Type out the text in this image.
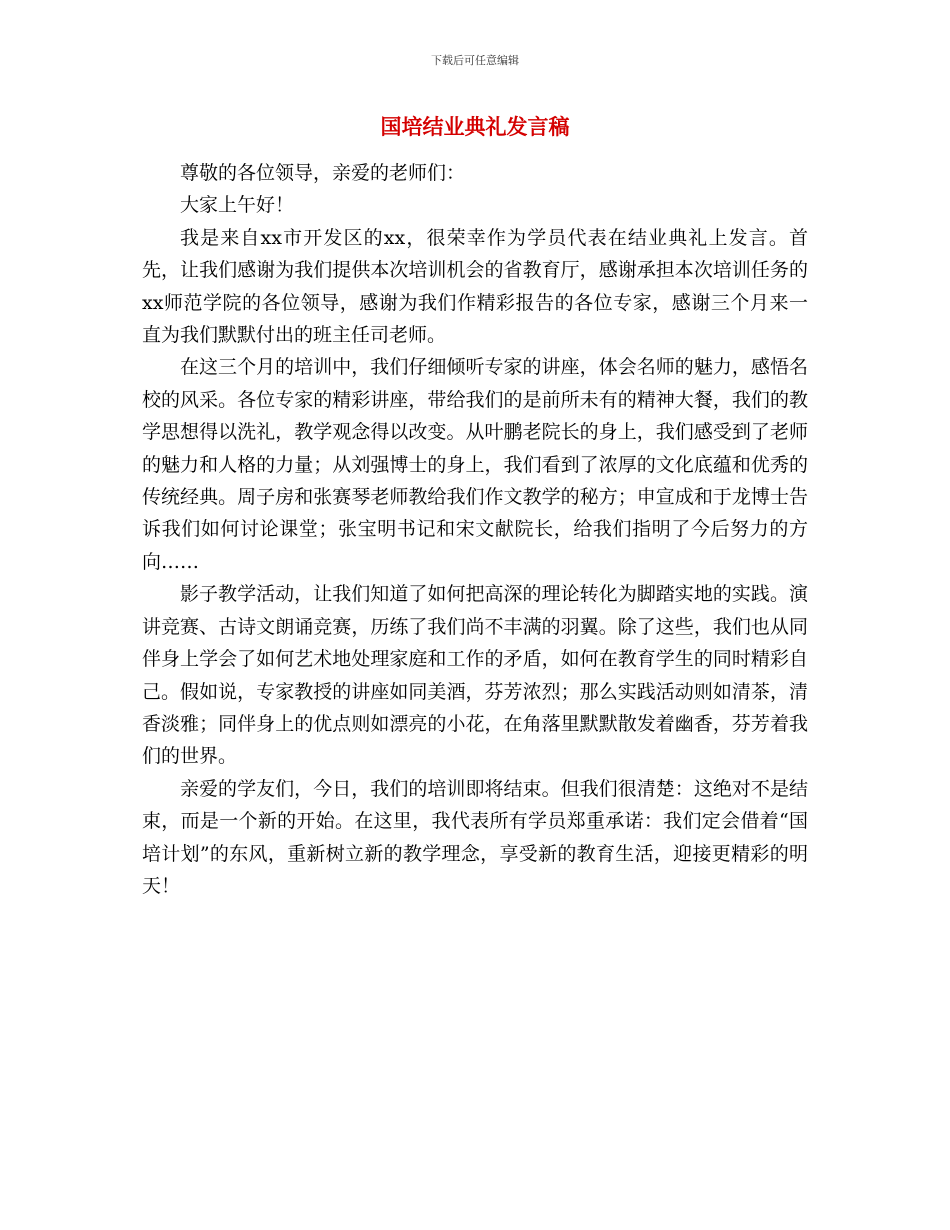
下载后可任意编辑
国培结业典礼发言稿

尊敬的各位领导，亲爱的老师们：

大家上午好！

我是来自xx市开发区的xx，很荣幸作为学员代表在结业典礼上发言。首先，让我们感谢为我们提供本次培训机会的省教育厅，感谢承担本次培训任务的xx师范学院的各位领导，感谢为我们作精彩报告的各位专家，感谢三个月来一直为我们默默付出的班主任司老师。

在这三个月的培训中，我们仔细倾听专家的讲座，体会名师的魅力，感悟名校的风采。各位专家的精彩讲座，带给我们的是前所未有的精神大餐，我们的教学思想得以洗礼，教学观念得以改变。从叶鹏老院长的身上，我们感受到了老师的魅力和人格的力量；从刘强博士的身上，我们看到了浓厚的文化底蕴和优秀的传统经典。周子房和张赛琴老师教给我们作文教学的秘方；申宣成和于龙博士告诉我们如何讨论课堂；张宝明书记和宋文献院长，给我们指明了今后努力的方向……

影子教学活动，让我们知道了如何把高深的理论转化为脚踏实地的实践。演讲竞赛、古诗文朗诵竞赛，历练了我们尚不丰满的羽翼。除了这些，我们也从同伴身上学会了如何艺术地处理家庭和工作的矛盾，如何在教育学生的同时精彩自己。假如说，专家教授的讲座如同美酒，芬芳浓烈；那么实践活动则如清茶，清香淡雅；同伴身上的优点则如漂亮的小花，在角落里默默散发着幽香，芬芳着我们的世界。

亲爱的学友们，今日，我们的培训即将结束。但我们很清楚：这绝对不是结束，而是一个新的开始。在这里，我代表所有学员郑重承诺：我们定会借着“国培计划”的东风，重新树立新的教学理念，享受新的教育生活，迎接更精彩的明天！
